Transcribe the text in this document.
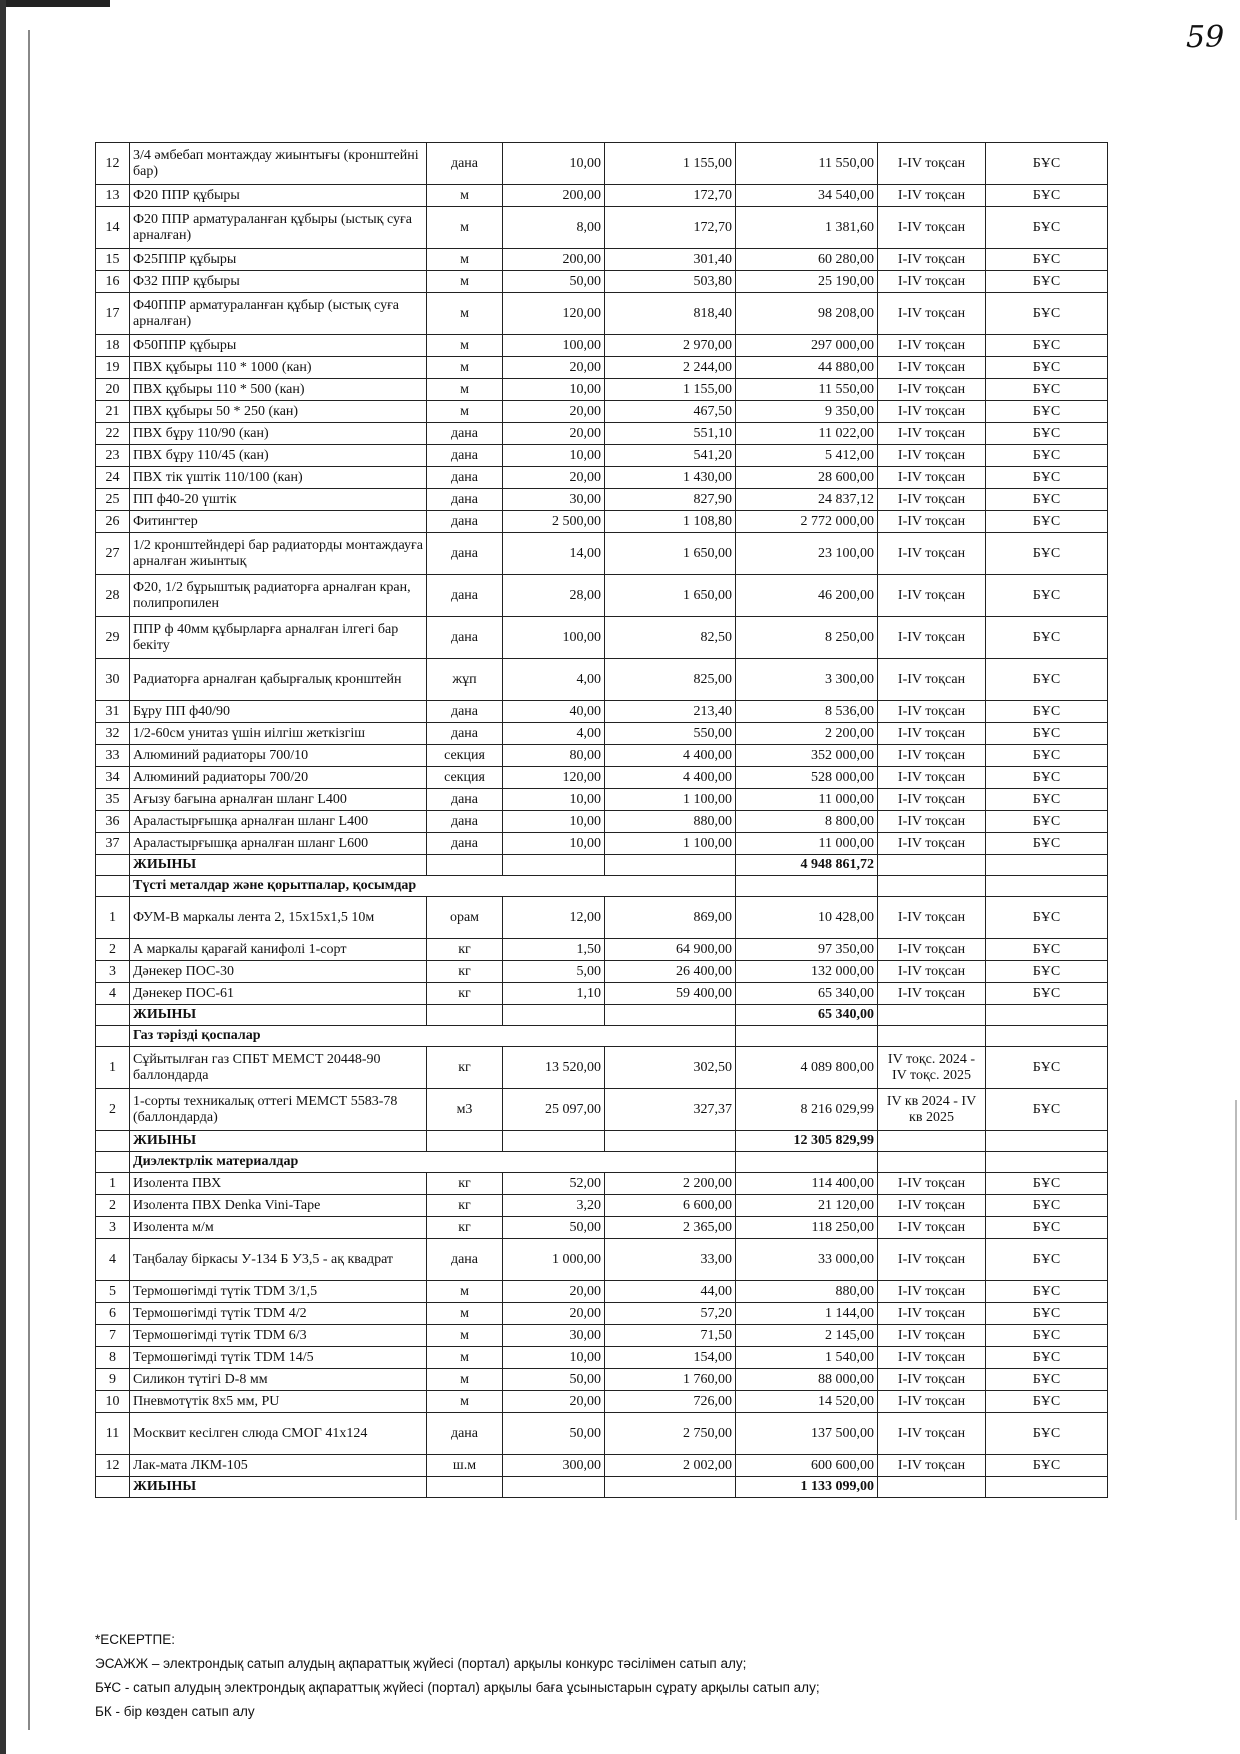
59
12	3/4 әмбебап монтаждау жиынтығы (кронштейні бар)	дана	10,00	1 155,00	11 550,00	I-IV тоқсан	БҰС
13	Ф20 ППР құбыры	м	200,00	172,70	34 540,00	I-IV тоқсан	БҰС
14	Ф20 ППР арматураланған құбыры (ыстық суға арналған)	м	8,00	172,70	1 381,60	I-IV тоқсан	БҰС
15	Ф25ППР құбыры	м	200,00	301,40	60 280,00	I-IV тоқсан	БҰС
16	Ф32 ППР құбыры	м	50,00	503,80	25 190,00	I-IV тоқсан	БҰС
17	Ф40ППР арматураланған құбыр (ыстық суға арналған)	м	120,00	818,40	98 208,00	I-IV тоқсан	БҰС
18	Ф50ППР құбыры	м	100,00	2 970,00	297 000,00	I-IV тоқсан	БҰС
19	ПВХ құбыры 110 * 1000 (кан)	м	20,00	2 244,00	44 880,00	I-IV тоқсан	БҰС
20	ПВХ құбыры 110 * 500 (кан)	м	10,00	1 155,00	11 550,00	I-IV тоқсан	БҰС
21	ПВХ құбыры 50 * 250 (кан)	м	20,00	467,50	9 350,00	I-IV тоқсан	БҰС
22	ПВХ бұру 110/90 (кан)	дана	20,00	551,10	11 022,00	I-IV тоқсан	БҰС
23	ПВХ бұру 110/45 (кан)	дана	10,00	541,20	5 412,00	I-IV тоқсан	БҰС
24	ПВХ тік үштік 110/100 (кан)	дана	20,00	1 430,00	28 600,00	I-IV тоқсан	БҰС
25	ПП ф40-20 үштік	дана	30,00	827,90	24 837,12	I-IV тоқсан	БҰС
26	Фитингтер	дана	2 500,00	1 108,80	2 772 000,00	I-IV тоқсан	БҰС
27	1/2 кронштейндері бар радиаторды монтаждауға арналған жиынтық	дана	14,00	1 650,00	23 100,00	I-IV тоқсан	БҰС
28	Ф20, 1/2 бұрыштық радиаторға арналған кран, полипропилен	дана	28,00	1 650,00	46 200,00	I-IV тоқсан	БҰС
29	ППР ф 40мм құбырларға арналған ілгегі бар бекіту	дана	100,00	82,50	8 250,00	I-IV тоқсан	БҰС
30	Радиаторға арналған қабырғалық кронштейн	жұп	4,00	825,00	3 300,00	I-IV тоқсан	БҰС
31	Бұру ПП ф40/90	дана	40,00	213,40	8 536,00	I-IV тоқсан	БҰС
32	1/2-60см унитаз үшін иілгіш жеткізгіш	дана	4,00	550,00	2 200,00	I-IV тоқсан	БҰС
33	Алюминий радиаторы 700/10	секция	80,00	4 400,00	352 000,00	I-IV тоқсан	БҰС
34	Алюминий радиаторы 700/20	секция	120,00	4 400,00	528 000,00	I-IV тоқсан	БҰС
35	Ағызу бағына арналған шланг L400	дана	10,00	1 100,00	11 000,00	I-IV тоқсан	БҰС
36	Араластырғышқа арналған шланг L400	дана	10,00	880,00	8 800,00	I-IV тоқсан	БҰС
37	Араластырғышқа арналған шланг L600	дана	10,00	1 100,00	11 000,00	I-IV тоқсан	БҰС
	ЖИЫНЫ				4 948 861,72		
	Түсті металдар және қорытпалар, қосымдар						
1	ФУМ-В маркалы лента 2, 15х15х1,5 10м	орам	12,00	869,00	10 428,00	I-IV тоқсан	БҰС
2	А маркалы қарағай канифолі 1-сорт	кг	1,50	64 900,00	97 350,00	I-IV тоқсан	БҰС
3	Дәнекер ПОС-30	кг	5,00	26 400,00	132 000,00	I-IV тоқсан	БҰС
4	Дәнекер ПОС-61	кг	1,10	59 400,00	65 340,00	I-IV тоқсан	БҰС
	ЖИЫНЫ				65 340,00		
	Газ тәрізді қоспалар						
1	Сұйытылған газ СПБТ МЕМСТ 20448-90 баллондарда	кг	13 520,00	302,50	4 089 800,00	IV тоқс. 2024 - IV тоқс. 2025	БҰС
2	1-сорты техникалық оттегі МЕМСТ 5583-78 (баллондарда)	м3	25 097,00	327,37	8 216 029,99	IV кв 2024 - IV кв 2025	БҰС
	ЖИЫНЫ				12 305 829,99		
	Диэлектрлік материалдар						
1	Изолента ПВХ	кг	52,00	2 200,00	114 400,00	I-IV тоқсан	БҰС
2	Изолента ПВХ Denka Vini-Tape	кг	3,20	6 600,00	21 120,00	I-IV тоқсан	БҰС
3	Изолента м/м	кг	50,00	2 365,00	118 250,00	I-IV тоқсан	БҰС
4	Таңбалау біркасы У-134 Б У3,5 - ақ квадрат	дана	1 000,00	33,00	33 000,00	I-IV тоқсан	БҰС
5	Термошөгімді түтік TDM 3/1,5	м	20,00	44,00	880,00	I-IV тоқсан	БҰС
6	Термошөгімді түтік TDM 4/2	м	20,00	57,20	1 144,00	I-IV тоқсан	БҰС
7	Термошөгімді түтік TDM 6/3	м	30,00	71,50	2 145,00	I-IV тоқсан	БҰС
8	Термошөгімді түтік TDM 14/5	м	10,00	154,00	1 540,00	I-IV тоқсан	БҰС
9	Силикон түтігі D-8 мм	м	50,00	1 760,00	88 000,00	I-IV тоқсан	БҰС
10	Пневмотүтік 8х5 мм, PU	м	20,00	726,00	14 520,00	I-IV тоқсан	БҰС
11	Москвит кесілген слюда СМОГ 41х124	дана	50,00	2 750,00	137 500,00	I-IV тоқсан	БҰС
12	Лак-мата ЛКМ-105	ш.м	300,00	2 002,00	600 600,00	I-IV тоқсан	БҰС
	ЖИЫНЫ				1 133 099,00		
*ЕСКЕРТПЕ:
ЭСАЖЖ – электрондық сатып алудың ақпараттық жүйесі (портал) арқылы конкурс тәсілімен сатып алу;
БҰС - сатып алудың электрондық ақпараттық жүйесі (портал) арқылы баға ұсыныстарын сұрату арқылы сатып алу;
БК - бір көзден сатып алу
